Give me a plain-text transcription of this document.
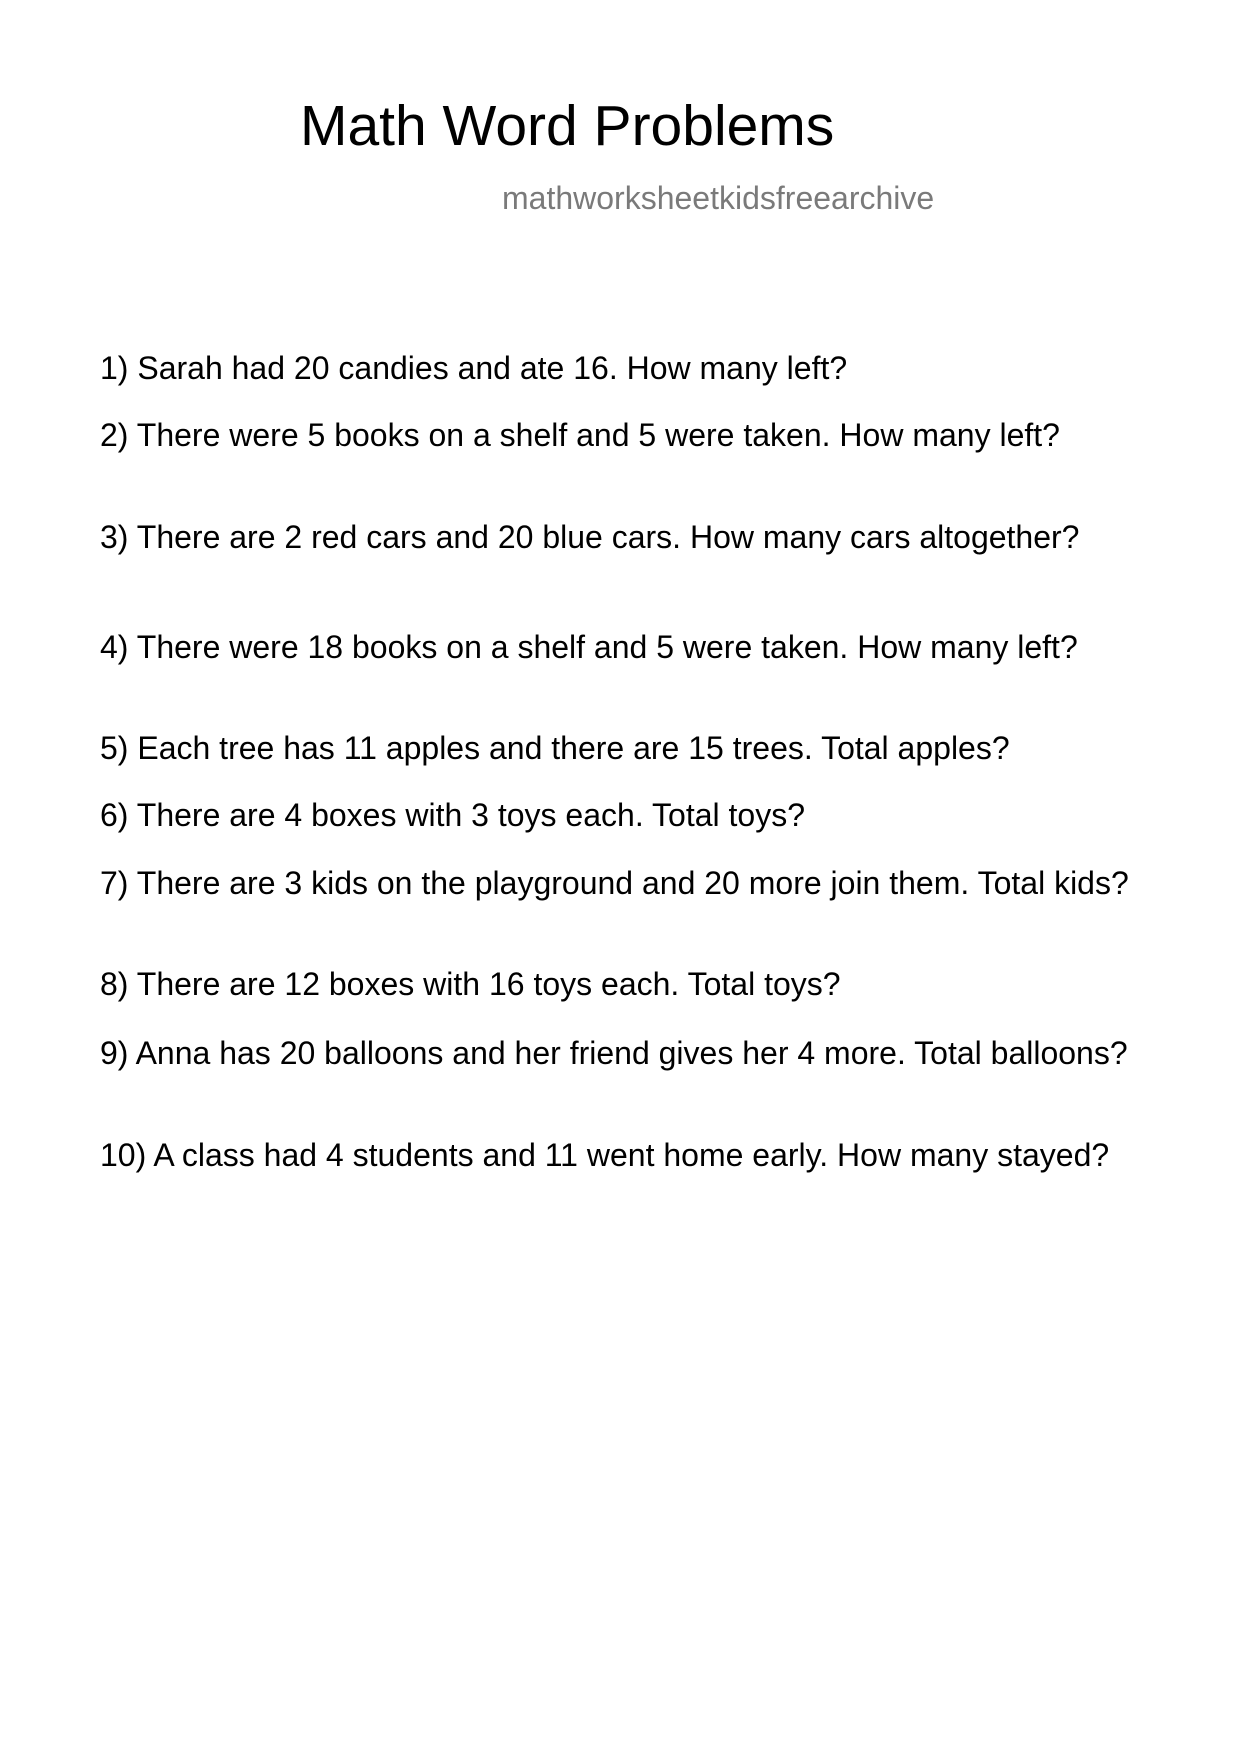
Math Word Problems
mathworksheetkidsfreearchive

1) Sarah had 20 candies and ate 16. How many left?

2) There were 5 books on a shelf and 5 were taken. How many left?

3) There are 2 red cars and 20 blue cars. How many cars altogether?

4) There were 18 books on a shelf and 5 were taken. How many left?

5) Each tree has 11 apples and there are 15 trees. Total apples?

6) There are 4 boxes with 3 toys each. Total toys?

7) There are 3 kids on the playground and 20 more join them. Total kids?

8) There are 12 boxes with 16 toys each. Total toys?

9) Anna has 20 balloons and her friend gives her 4 more. Total balloons?

10) A class had 4 students and 11 went home early. How many stayed?
